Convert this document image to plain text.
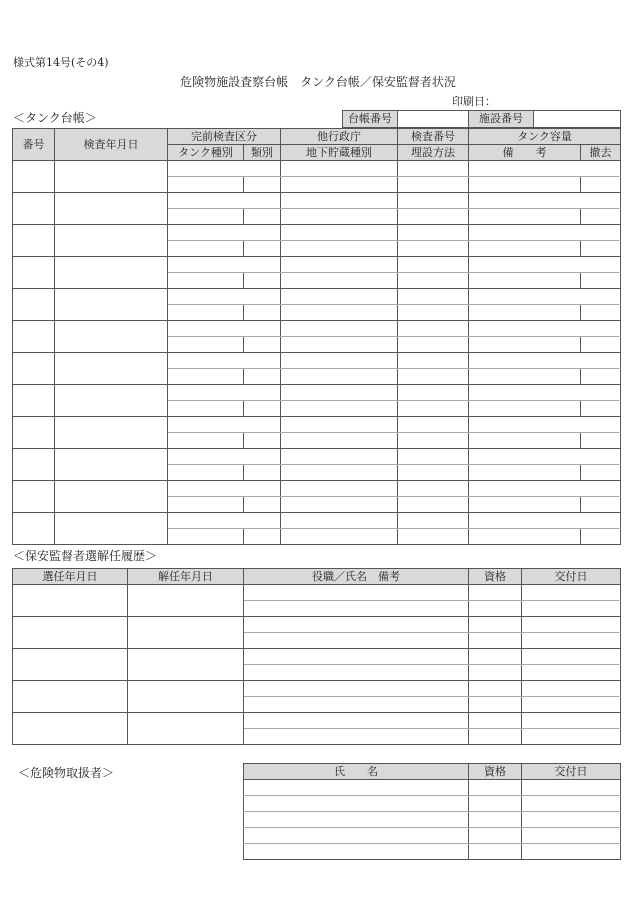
様式第14号(その4)
危険物施設査察台帳　タンク台帳／保安監督者状況
印刷日：
＜タンク台帳＞	台帳番号	施設番号
番号	検査年月日	完前検査区分		他行政庁	検査番号	タンク容量	
		タンク種別	類別	地下貯蔵種別	埋設方法	備　　考	撤去

＜保安監督者選解任履歴＞
選任年月日	解任年月日	役職／氏名　備考	資格	交付日

＜危険物取扱者＞	氏　　名	資格	交付日
